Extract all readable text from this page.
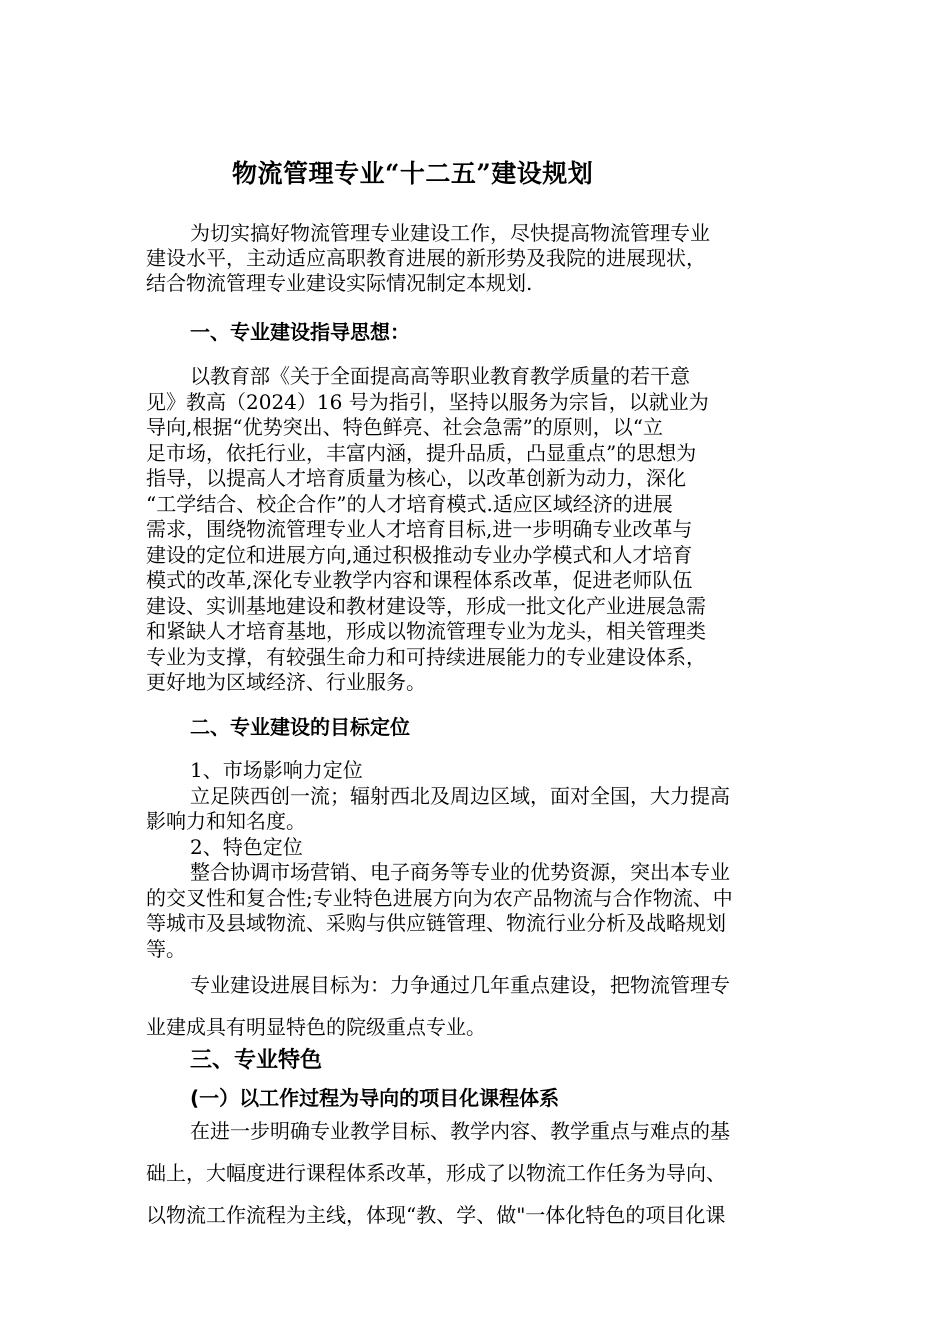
物流管理专业“十二五”建设规划
为切实搞好物流管理专业建设工作，尽快提高物流管理专业
建设水平，主动适应高职教育进展的新形势及我院的进展现状，
结合物流管理专业建设实际情况制定本规划.
一、专业建设指导思想：
以教育部《关于全面提高高等职业教育教学质量的若干意
见》教高（2024）16 号为指引，坚持以服务为宗旨，以就业为
导向,根据“优势突出、特色鲜亮、社会急需”的原则，以“立
足市场，依托行业，丰富内涵，提升品质，凸显重点”的思想为
指导，以提高人才培育质量为核心，以改革创新为动力，深化
“工学结合、校企合作”的人才培育模式.适应区域经济的进展
需求，围绕物流管理专业人才培育目标,进一步明确专业改革与
建设的定位和进展方向,通过积极推动专业办学模式和人才培育
模式的改革,深化专业教学内容和课程体系改革，促进老师队伍
建设、实训基地建设和教材建设等，形成一批文化产业进展急需
和紧缺人才培育基地，形成以物流管理专业为龙头，相关管理类
专业为支撑，有较强生命力和可持续进展能力的专业建设体系，
更好地为区域经济、行业服务。
二、专业建设的目标定位
1、市场影响力定位
立足陕西创一流；辐射西北及周边区域，面对全国，大力提高
影响力和知名度。
2、特色定位
整合协调市场营销、电子商务等专业的优势资源，突出本专业
的交叉性和复合性;专业特色进展方向为农产品物流与合作物流、中
等城市及县域物流、采购与供应链管理、物流行业分析及战略规划
等。
专业建设进展目标为：力争通过几年重点建设，把物流管理专
业建成具有明显特色的院级重点专业。
三、专业特色
(一）以工作过程为导向的项目化课程体系
在进一步明确专业教学目标、教学内容、教学重点与难点的基
础上，大幅度进行课程体系改革，形成了以物流工作任务为导向、
以物流工作流程为主线，体现“教、学、做"一体化特色的项目化课
